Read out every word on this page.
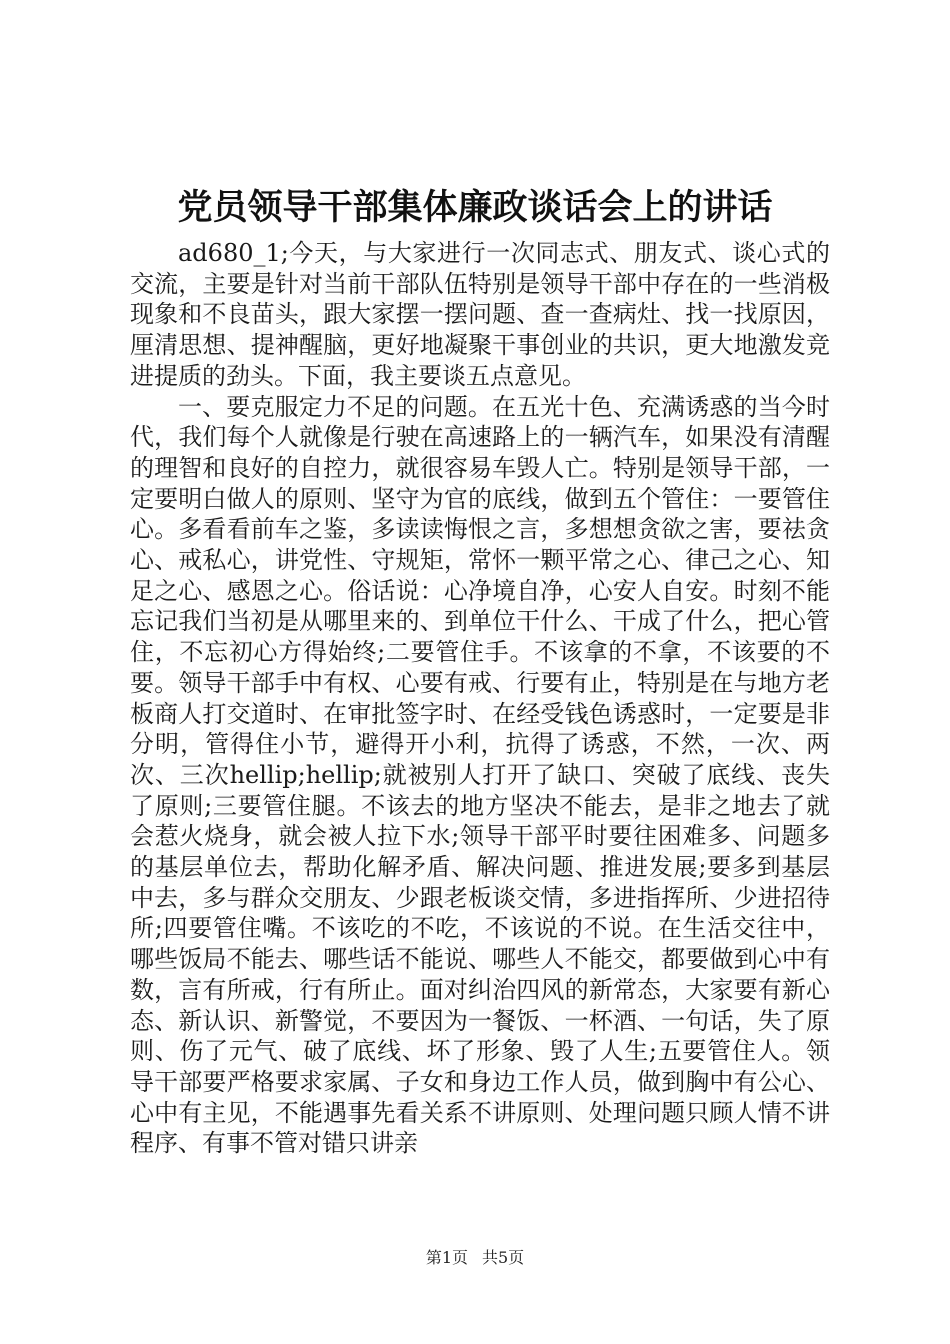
党员领导干部集体廉政谈话会上的讲话

ad680_1;今天，与大家进行一次同志式、朋友式、谈心式的交流，主要是针对当前干部队伍特别是领导干部中存在的一些消极现象和不良苗头，跟大家摆一摆问题、查一查病灶、找一找原因，厘清思想、提神醒脑，更好地凝聚干事创业的共识，更大地激发竞进提质的劲头。下面，我主要谈五点意见。

一、要克服定力不足的问题。在五光十色、充满诱惑的当今时代，我们每个人就像是行驶在高速路上的一辆汽车，如果没有清醒的理智和良好的自控力，就很容易车毁人亡。特别是领导干部，一定要明白做人的原则、坚守为官的底线，做到五个管住：一要管住心。多看看前车之鉴，多读读悔恨之言，多想想贪欲之害，要祛贪心、戒私心，讲党性、守规矩，常怀一颗平常之心、律己之心、知足之心、感恩之心。俗话说：心净境自净，心安人自安。时刻不能忘记我们当初是从哪里来的、到单位干什么、干成了什么，把心管住，不忘初心方得始终;二要管住手。不该拿的不拿，不该要的不要。领导干部手中有权、心要有戒、行要有止，特别是在与地方老板商人打交道时、在审批签字时、在经受钱色诱惑时，一定要是非分明，管得住小节，避得开小利，抗得了诱惑，不然，一次、两次、三次hellip;hellip;就被别人打开了缺口、突破了底线、丧失了原则;三要管住腿。不该去的地方坚决不能去，是非之地去了就会惹火烧身，就会被人拉下水;领导干部平时要往困难多、问题多的基层单位去，帮助化解矛盾、解决问题、推进发展;要多到基层中去，多与群众交朋友、少跟老板谈交情，多进指挥所、少进招待所;四要管住嘴。不该吃的不吃，不该说的不说。在生活交往中，哪些饭局不能去、哪些话不能说、哪些人不能交，都要做到心中有数，言有所戒，行有所止。面对纠治四风的新常态，大家要有新心态、新认识、新警觉，不要因为一餐饭、一杯酒、一句话，失了原则、伤了元气、破了底线、坏了形象、毁了人生;五要管住人。领导干部要严格要求家属、子女和身边工作人员，做到胸中有公心、心中有主见，不能遇事先看关系不讲原则、处理问题只顾人情不讲程序、有事不管对错只讲亲

第1页 共5页
